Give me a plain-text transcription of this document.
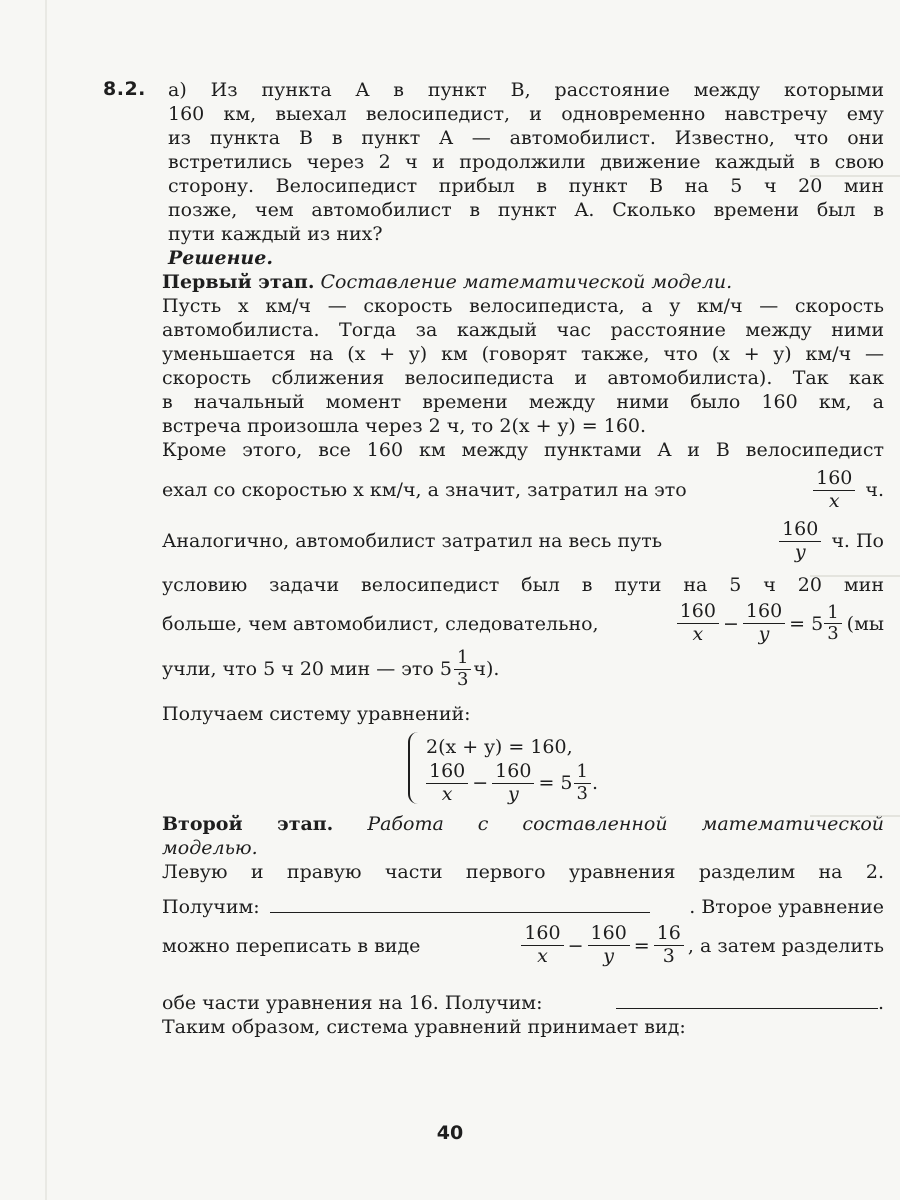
8.2. а) Из пункта A в пункт B, расстояние между которыми
160 км, выехал велосипедист, и одновременно навстречу ему
из пункта B в пункт A — автомобилист. Известно, что они
встретились через 2 ч и продолжили движение каждый в свою
сторону. Велосипедист прибыл в пункт B на 5 ч 20 мин
позже, чем автомобилист в пункт A. Сколько времени был в
пути каждый из них?
Решение.
Первый этап. Составление математической модели.
Пусть x км/ч — скорость велосипедиста, а y км/ч — скорость
автомобилиста. Тогда за каждый час расстояние между ними
уменьшается на (x + y) км (говорят также, что (x + y) км/ч —
скорость сближения велосипедиста и автомобилиста). Так как
в начальный момент времени между ними было 160 км, а
встреча произошла через 2 ч, то 2(x + y) = 160.
Кроме этого, все 160 км между пунктами A и B велосипедист
ехал со скоростью x км/ч, а значит, затратил на это	$\frac{160}{x} ч$.
Аналогично, автомобилист затратил на весь путь	$\frac{160}{y} ч$. По
условию задачи велосипедист был в пути на 5 ч 20 мин
больше, чем автомобилист, следовательно,	$\frac{160}{x} - \frac{160}{y} = 5 \frac{1}{3} (мы$
учли, что 5 ч 20 мин — это $5 \frac{1}{3} ч$).
Получаем систему уравнений:
2(x + y) = 160,
$\frac{160}{x} - \frac{160}{y} = 5 \frac{1}{3}$ .
Второй этап. Работа с составленной математической
моделью.
Левую и правую части первого уравнения разделим на 2.
Получим:	. Второе уравнение
можно переписать в виде	$\frac{160}{x} - \frac{160}{y} = \frac{16}{3}$ , а затем разделить
обе части уравнения на 16. Получим:	.
Таким образом, система уравнений принимает вид:
40
